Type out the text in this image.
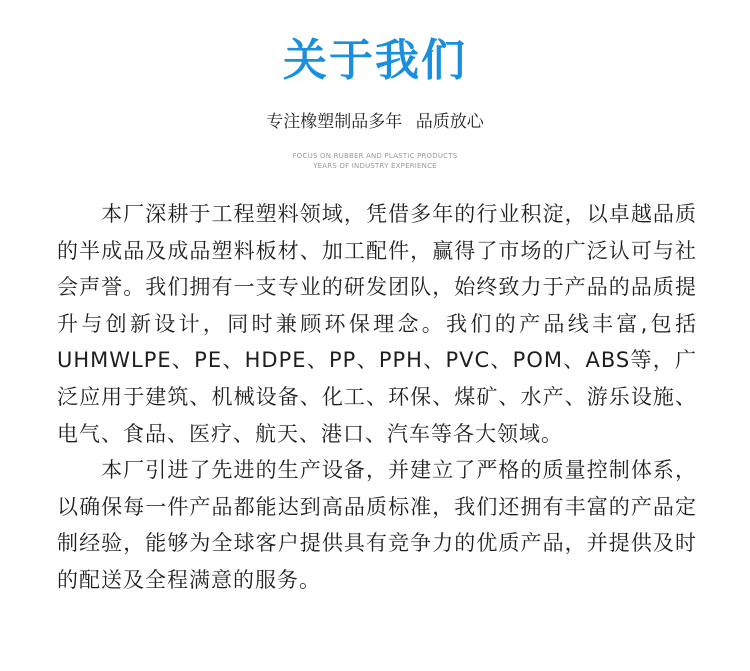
关于我们
专注橡塑制品多年 品质放心
FOCUS ON RUBBER AND PLASTIC PRODUCTS
YEARS OF INDUSTRY EXPERIENCE

本厂深耕于工程塑料领域，凭借多年的行业积淀，以卓越品质的半成品及成品塑料板材、加工配件，赢得了市场的广泛认可与社会声誉。我们拥有一支专业的研发团队，始终致力于产品的品质提升与创新设计，同时兼顾环保理念。我们的产品线丰富,包括UHMWLPE、PE、HDPE、PP、PPH、PVC、POM、ABS等，广泛应用于建筑、机械设备、化工、环保、煤矿、水产、游乐设施、电气、食品、医疗、航天、港口、汽车等各大领域。

本厂引进了先进的生产设备，并建立了严格的质量控制体系，以确保每一件产品都能达到高品质标准，我们还拥有丰富的产品定制经验，能够为全球客户提供具有竞争力的优质产品，并提供及时的配送及全程满意的服务。
